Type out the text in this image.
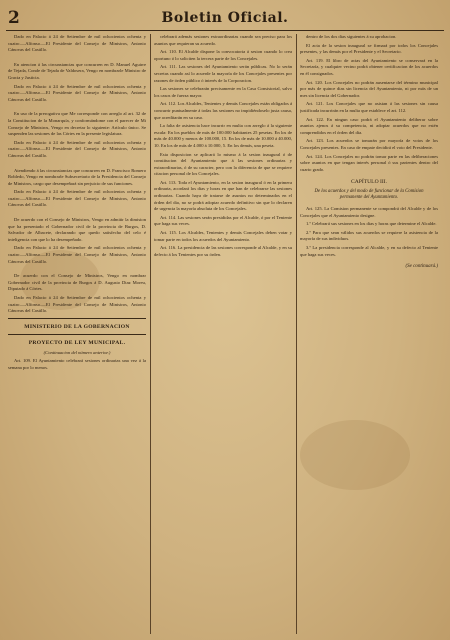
2	Boletin Oficial.

Dado en Palacio á 24 de Setiembre de mil ochocientos ochenta y cuatro.—Alfonso.—El Presidente del Consejo de Ministros, Antonio Cánovas del Castillo.

En atencion á las circunstancias que concurren en D. Manuel Aguirre de Tejada, Conde de Tejada de Valdosera, Vengo en nombrarle Ministro de Gracia y Justicia.

Dado en Palacio á 24 de Setiembre de mil ochocientos ochenta y cuatro.—Alfonso.—El Presidente del Consejo de Ministros, Antonio Cánovas del Castillo.

En uso de la prerogativa que Me corresponde con arreglo al art. 32 de la Constitucion de la Monarquía, y conformándome con el parecer de Mi Consejo de Ministros, Vengo en decretar lo siguiente: Artículo único. Se suspenden las sesiones de las Córtes en la presente legislatura.

Dado en Palacio á 24 de Setiembre de mil ochocientos ochenta y cuatro.—Alfonso.—El Presidente del Consejo de Ministros, Antonio Cánovas del Castillo.

Atendiendo á las circunstancias que concurren en D. Francisco Romero Robledo, Vengo en nombrarle Subsecretario de la Presidencia del Consejo de Ministros, cargo que desempeñará sin perjuicio de sus funciones.

Dado en Palacio á 24 de Setiembre de mil ochocientos ochenta y cuatro.—Alfonso.—El Presidente del Consejo de Ministros, Antonio Cánovas del Castillo.

De acuerdo con el Consejo de Ministros, Vengo en admitir la dimision que ha presentado el Gobernador civil de la provincia de Burgos, D. Salvador de Albacete, declarando que quedo satisfecho del celo é inteligencia con que lo ha desempeñado.

Dado en Palacio á 24 de Setiembre de mil ochocientos ochenta y cuatro.—Alfonso.—El Presidente del Consejo de Ministros, Antonio Cánovas del Castillo.

De acuerdo con el Consejo de Ministros, Vengo en nombrar Gobernador civil de la provincia de Burgos á D. Augusto Diaz Moreu, Diputado á Córtes.

Dado en Palacio á 24 de Setiembre de mil ochocientos ochenta y cuatro.—Alfonso.—El Presidente del Consejo de Ministros, Antonio Cánovas del Castillo.

MINISTERIO DE LA GOBERNACION
PROYECTO DE LEY MUNICIPAL.

(Continuacion del número anterior.)

Art. 109. El Ayuntamiento celebrará sesiones ordinarias una vez á la semana por lo menos.

celebrará además sesiones extraordinarias cuando sea preciso para los asuntos que requieran su acuerdo.

Art. 110. El Alcalde dispone la convocatoria á sesion cuando lo crea oportuno ó lo soliciten la tercera parte de los Concejales.

Art. 111. Las sesiones del Ayuntamiento serán públicas. No lo serán secretas cuando así lo acuerde la mayoría de los Concejales presentes por razones de órden público ó interés de la Corporacion.

Las sesiones se celebrarán precisamente en la Casa Consistorial, salvo los casos de fuerza mayor.

Art. 112. Los Alcaldes, Tenientes y demás Concejales están obligados á concurrir puntualmente á todas las sesiones no impidiéndoselo justa causa, que acreditarán en su caso.

La falta de asistencia hace incurrir en multa con arreglo á la siguiente escala: En los pueblos de más de 100.000 habitantes 25 pesetas. En los de más de 40.000 y menos de 100.000, 15. En los de más de 10.000 á 40.000, 10. En los de más de 4.000 á 10.000, 5. En los demás, una peseta.

Esta disposicion se aplicará lo mismo á la sesion inaugural ó de constitucion del Ayuntamiento que á las sesiones ordinarias y extraordinarias, ó de su caracter, pero con la diferencia de que se requiere citacion personal de los Concejales.

Art. 113. Toda el Ayuntamiento, en la sesion inaugural ó en la primera ordinaria, acordará los dias y horas en que han de celebrarse las sesiones ordinarias. Cuando haya de tratarse de asuntos no determinados en el órden del dia, no se podrá adoptar acuerdo definitivo sin que lo declaren de urgencia la mayoría absoluta de los Concejales.

Art. 114. Las sesiones serán presididas por el Alcalde, ó por el Teniente que haga sus veces.

Art. 115. Los Alcaldes, Tenientes y demás Concejales deben votar y tomar parte en todos los acuerdos del Ayuntamiento.

Art. 116. La presidencia de las sesiones corresponde al Alcalde, y en su defecto á los Tenientes por su órden.

dentro de los dos dias siguientes á su aprobacion.

El acta de la sesion inaugural se firmará por todos los Concejales presentes, y las demás por el Presidente y el Secretario.

Art. 119. El libro de actas del Ayuntamiento se conservará en la Secretaría, y cualquier vecino podrá obtener certificacion de los acuerdos en él consignados.

Art. 120. Los Concejales no podrán ausentarse del término municipal por más de quince dias sin licencia del Ayuntamiento, ni por más de un mes sin licencia del Gobernador.

Art. 121. Los Concejales que no asistan á las sesiones sin causa justificada incurrirán en la multa que establece el art. 112.

Art. 122. En ningun caso podrá el Ayuntamiento deliberar sobre asuntos ajenos á su competencia, ni adoptar acuerdos que no estén comprendidos en el órden del dia.

Art. 123. Los acuerdos se tomarán por mayoría de votos de los Concejales presentes. En caso de empate decidirá el voto del Presidente.

Art. 124. Los Concejales no podrán tomar parte en las deliberaciones sobre asuntos en que tengan interés personal ó sus parientes dentro del cuarto grado.

CAPÍTULO III.
De los acuerdos y del modo de funcionar de la Comision permanente del Ayuntamiento.

Art. 125. La Comision permanente se compondrá del Alcalde y de los Concejales que el Ayuntamiento designe.

1.º Celebrará sus sesiones en los dias y horas que determine el Alcalde.

2.º Para que sean válidos sus acuerdos se requiere la asistencia de la mayoría de sus individuos.

3.º La presidencia corresponde al Alcalde, y en su defecto al Teniente que haga sus veces.

(Se continuará.)
